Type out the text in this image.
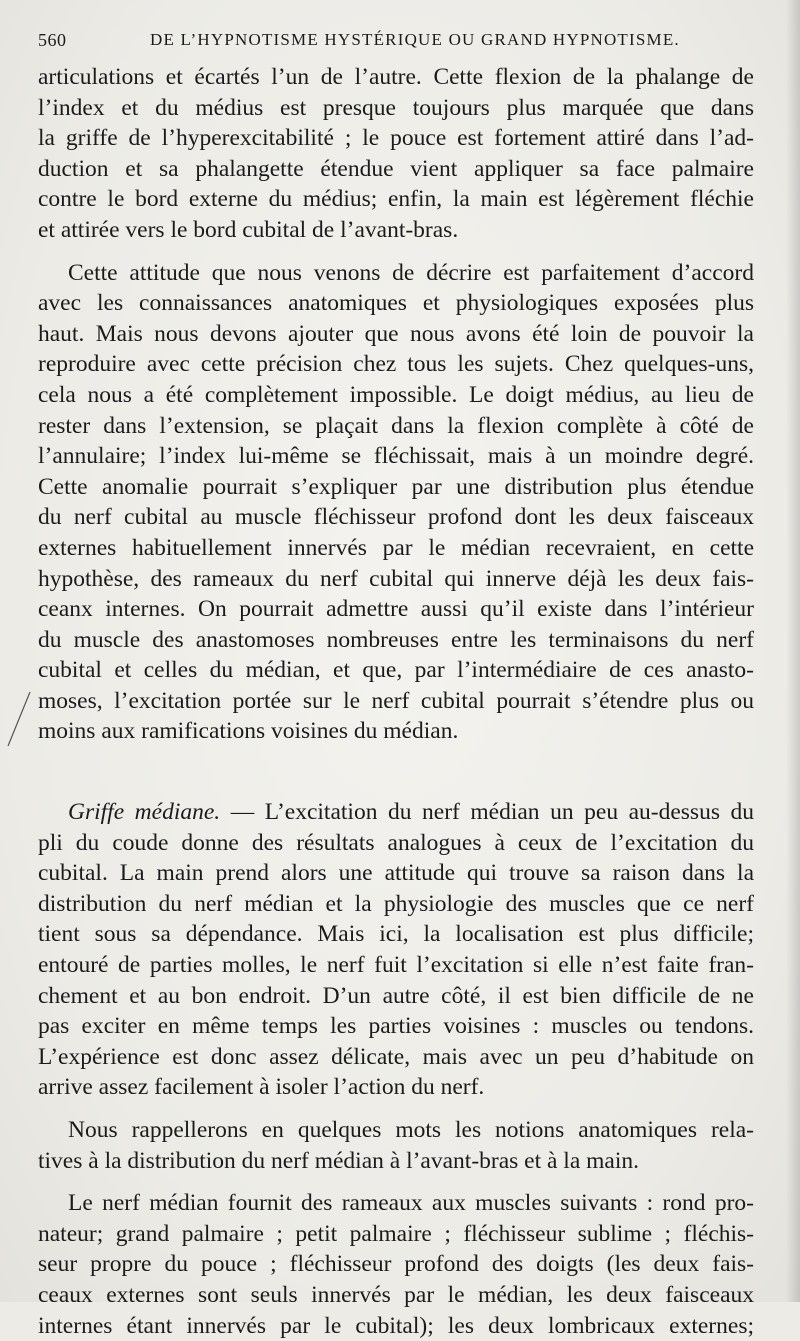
560	DE L’HYPNOTISME HYSTÉRIQUE OU GRAND HYPNOTISME.

articulations et écartés l’un de l’autre. Cette flexion de la phalange de
l’index et du médius est presque toujours plus marquée que dans
la griffe de l’hyperexcitabilité ; le pouce est fortement attiré dans l’ad-
duction et sa phalangette étendue vient appliquer sa face palmaire
contre le bord externe du médius; enfin, la main est légèrement fléchie
et attirée vers le bord cubital de l’avant-bras.

Cette attitude que nous venons de décrire est parfaitement d’accord
avec les connaissances anatomiques et physiologiques exposées plus
haut. Mais nous devons ajouter que nous avons été loin de pouvoir la
reproduire avec cette précision chez tous les sujets. Chez quelques-uns,
cela nous a été complètement impossible. Le doigt médius, au lieu de
rester dans l’extension, se plaçait dans la flexion complète à côté de
l’annulaire; l’index lui-même se fléchissait, mais à un moindre degré.
Cette anomalie pourrait s’expliquer par une distribution plus étendue
du nerf cubital au muscle fléchisseur profond dont les deux faisceaux
externes habituellement innervés par le médian recevraient, en cette
hypothèse, des rameaux du nerf cubital qui innerve déjà les deux fais-
ceanx internes. On pourrait admettre aussi qu’il existe dans l’intérieur
du muscle des anastomoses nombreuses entre les terminaisons du nerf
cubital et celles du médian, et que, par l’intermédiaire de ces anasto-
moses, l’excitation portée sur le nerf cubital pourrait s’étendre plus ou
moins aux ramifications voisines du médian.

Griffe médiane. — L’excitation du nerf médian un peu au-dessus du
pli du coude donne des résultats analogues à ceux de l’excitation du
cubital. La main prend alors une attitude qui trouve sa raison dans la
distribution du nerf médian et la physiologie des muscles que ce nerf
tient sous sa dépendance. Mais ici, la localisation est plus difficile;
entouré de parties molles, le nerf fuit l’excitation si elle n’est faite fran-
chement et au bon endroit. D’un autre côté, il est bien difficile de ne
pas exciter en même temps les parties voisines : muscles ou tendons.
L’expérience est donc assez délicate, mais avec un peu d’habitude on
arrive assez facilement à isoler l’action du nerf.

Nous rappellerons en quelques mots les notions anatomiques rela-
tives à la distribution du nerf médian à l’avant-bras et à la main.

Le nerf médian fournit des rameaux aux muscles suivants : rond pro-
nateur; grand palmaire ; petit palmaire ; fléchisseur sublime ; fléchis-
seur propre du pouce ; fléchisseur profond des doigts (les deux fais-
ceaux externes sont seuls innervés par le médian, les deux faisceaux
internes étant innervés par le cubital); les deux lombricaux externes;
